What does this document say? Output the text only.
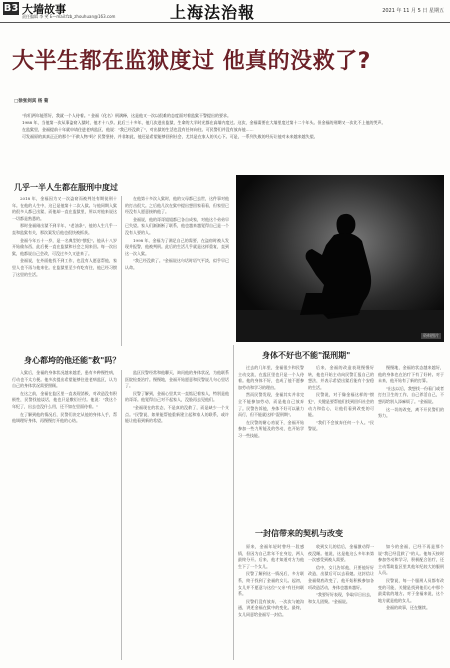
B3 大墙故事
责任编辑 李 笑 E—mail:fzb_zhouhuan@163.com	上海法治報	2021 年 11 月 5 日 星期五
大半生都在监狱度过 他真的没救了?
□徐张剑宾 杨 菊

"你们两年能管好，我就一个人待着。" 金福（化名）刑满释，这是他又一次以很难的态度面对着监狱干警提出的要求。

1988 年，当他第一次从事盗窃入狱时，他才十八岁。此后三十多年，他几次进出监狱，生命的大半时光都在高墙内度过。这次，金福需要在大墙里度过第十二个年头。但金福的刑期又一次比不上他的哭声。

在监狱里，金福提前十年就申请住进老病监区，他说："我已经没救了"，对出狱的生活也没有任何向往。可民警们并没有放弃他……

可发福原的真真正正的那个"不救人物"吗？民警坚持，并非如此，他还是希望能够回到社会，尤其是在家人的关心下。可是，一系列失败的经历让他对未来越来越失望。

几乎一半人生都在服刑中度过

2018 年，金福因为又一次盗窃而被判处有期徒刑十年。在他的人生中，这已是他第十二次入狱。与他同期入狱的很多人都已出狱，而他却一直在监狱里，所以对他来说这一切都是熟悉的。

那时金福刚出狱不到半年，"老油条"，他的人生几乎一直和监狱有关，那次案发后他也很快被抓获。

金福今年五十一岁，是一名典型的"惯犯"。他从十八岁开始偷东西，此后便一直在监狱和社会之间来回。每一次出狱，他都说自己会改，可没过多久又进来了。

金福说，在外面他找不到工作，也没有人愿意帮他，家里人也不再与他来往。在监狱里至少有吃有住，他已经习惯了这里的生活。

在他第十多次入狱时，他的父母都已去世，这件事对他的打击很大。之后他几次在狱中提出想回家看看，但家里已经没有人愿意接纳他了。

金福说，他的哥哥姐姐都已各自成家，对他这个弟弟早已失望。家人们渐渐断了联系，他也越来越觉得自己是一个没有人要的人。

1998 年，金福为了满足自己的需要，在盗窃时被人发现并报警，他被判刑。此后的生活几乎就是这样重复，直到这一次入狱。

"我已经没救了。"金福说这句话时语气平淡，似乎早已认命。

资料图片
身心都垮的他还能"救"吗？

入狱后，金福的身体状况越来越差，患有多种慢性病，行动也不太方便。他多次提出希望能够住进老病监区，认为自己的身体状况需要照顾。

在这之前，金福在监区里一直表现消极，对改造没有积极性，民警找他谈话，他也只是敷衍应付。他说："我这个年纪了，出去也没什么用，还不如在里面待着。"

在了解到他的情况后，民警们决定从他的身体入手，帮他调理好身体，再慢慢打开他的心结。

监区民警经常和他聊天，询问他的身体状况，为他联系医院检查治疗。慢慢地，金福开始愿意和民警说几句心里话了。

民警了解到，金福心里其实一直惦记着家人，特别是他的哥哥。他觉得自己对不起家人，没脸再去见他们。

"金福现在的状态，不是真的没救了，而是缺少一个支点。"民警说，如果能帮他重新建立起和家人的联系，或许能让他看到新的希望。

身体不好也不能"混刑期"

过去的几年里，金福很少和民警主动交流，在监区里也只是一个人待着。他的身体不好，也成了他不愿参加劳动和学习的理由。

然而民警发现，金福其实并非完全不能参加劳动，而是他自己放弃了。民警告诉他，身体不好可以量力而行，但不能就这样"混刑期"。

在民警的耐心劝说下，金福开始参加一些力所能及的劳动，也开始学习一些技能。

后来，金福的改造表现慢慢好转，他也开始主动向民警汇报自己的想法，并表示希望出狱后能有个安稳的生活。

民警说，对于像金福这样的"惯犯"，关键是要帮他们找到回归社会的动力和信心，让他们看到改变的可能。

"我们不会放弃任何一个人。"民警说。

慢慢地，金福的状态越来越好，他的身体也在治疗下有了好转。对于未来，他开始有了新的打算。

"出去以后，我想找一份看门或者打扫卫生的工作，自己养活自己，不想再给别人添麻烦了。"金福说。

这一切的改变，离不开民警们的努力。

一封信带来的契机与改变

原来，金福年轻时曾经一段感情，但因为自己常年不在身边，两人最终分开。后来，他才知道对方为他生下了一个女儿。

民警了解到这一情况后，多方联系，终于找到了金福的女儿。起初，女儿并不愿意与这位"父亲"有任何联系。

民警们没有放弃，一次次与她沟通，讲述金福在狱中的变化。最终，女儿同意给金福写一封信。

收到女儿的信后，金福激动得一夜没睡。他说，这是他这么多年来第一次感受到被人需要。

信中，女儿告诉他，只要他好好改造，出狱后可以去看她。这封信让金福彻底改变了，他开始积极参加各项改造活动，身体也越来越好。

"我要好好表现，争取早日出去，和女儿团聚。"金福说。

如今的金福，已经不再是那个说"我已经没救了"的人。他每天按时参加劳动和学习，积极配合治疗，还主动帮助监区里其他年纪较大的服刑人员。

民警说，每一个服刑人员都有改变的可能，关键是找到他们心中那个最柔软的地方。对于金福来说，这个地方就是他的女儿。

金福的故事，还在继续。
